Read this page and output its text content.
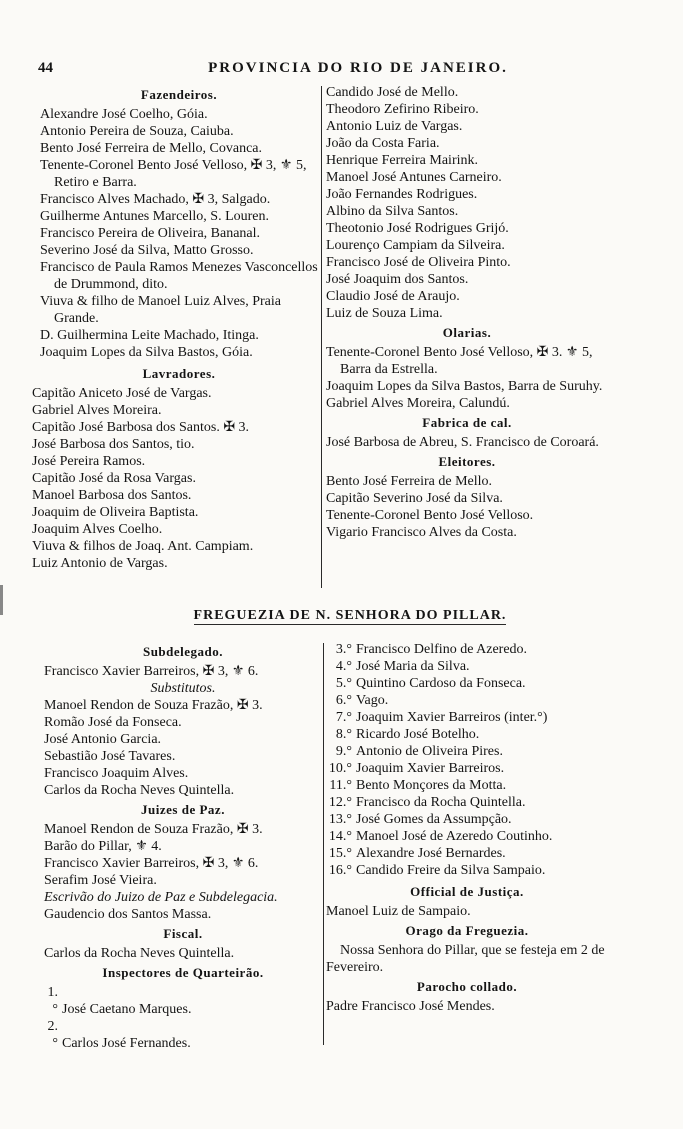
44	PROVINCIA DO RIO DE JANEIRO.
Fazendeiros.
Alexandre José Coelho, Góia.
Antonio Pereira de Souza, Caiuba.
Bento José Ferreira de Mello, Covanca.
Tenente-Coronel Bento José Velloso, ✠ 3, ⚜ 5, Retiro e Barra.
Francisco Alves Machado, ✠ 3, Salgado.
Guilherme Antunes Marcello, S. Louren.
Francisco Pereira de Oliveira, Bananal.
Severino José da Silva, Matto Grosso.
Francisco de Paula Ramos Menezes Vasconcellos de Drummond, dito.
Viuva & filho de Manoel Luiz Alves, Praia Grande.
D. Guilhermina Leite Machado, Itinga.
Joaquim Lopes da Silva Bastos, Góia.
Lavradores.
Capitão Aniceto José de Vargas.
Gabriel Alves Moreira.
Capitão José Barbosa dos Santos. ✠ 3.
José Barbosa dos Santos, tio.
José Pereira Ramos.
Capitão José da Rosa Vargas.
Manoel Barbosa dos Santos.
Joaquim de Oliveira Baptista.
Joaquim Alves Coelho.
Viuva & filhos de Joaq. Ant. Campiam.
Luiz Antonio de Vargas.
Candido José de Mello.
Theodoro Zefirino Ribeiro.
Antonio Luiz de Vargas.
João da Costa Faria.
Henrique Ferreira Mairink.
Manoel José Antunes Carneiro.
João Fernandes Rodrigues.
Albino da Silva Santos.
Theotonio José Rodrigues Grijó.
Lourenço Campiam da Silveira.
Francisco José de Oliveira Pinto.
José Joaquim dos Santos.
Claudio José de Araujo.
Luiz de Souza Lima.
Olarias.
Tenente-Coronel Bento José Velloso, ✠ 3. ⚜ 5, Barra da Estrella.
Joaquim Lopes da Silva Bastos, Barra de Suruhy.
Gabriel Alves Moreira, Calundú.
Fabrica de cal.
José Barbosa de Abreu, S. Francisco de Coroará.
Eleitores.
Bento José Ferreira de Mello.
Capitão Severino José da Silva.
Tenente-Coronel Bento José Velloso.
Vigario Francisco Alves da Costa.
FREGUEZIA DE N. SENHORA DO PILLAR.
Subdelegado.
Francisco Xavier Barreiros, ✠ 3, ⚜ 6.
Substitutos.
Manoel Rendon de Souza Frazão, ✠ 3.
Romão José da Fonseca.
José Antonio Garcia.
Sebastião José Tavares.
Francisco Joaquim Alves.
Carlos da Rocha Neves Quintella.
Juizes de Paz.
Manoel Rendon de Souza Frazão, ✠ 3.
Barão do Pillar, ⚜ 4.
Francisco Xavier Barreiros, ✠ 3, ⚜ 6.
Serafim José Vieira.
Escrivão do Juizo de Paz e Subdelegacia.
Gaudencio dos Santos Massa.
Fiscal.
Carlos da Rocha Neves Quintella.
Inspectores de Quarteirão.
1.° José Caetano Marques.
2.° Carlos José Fernandes.
3.° Francisco Delfino de Azeredo.
4.° José Maria da Silva.
5.° Quintino Cardoso da Fonseca.
6.° Vago.
7.° Joaquim Xavier Barreiros (inter.°)
8.° Ricardo José Botelho.
9.° Antonio de Oliveira Pires.
10.° Joaquim Xavier Barreiros.
11.° Bento Monçores da Motta.
12.° Francisco da Rocha Quintella.
13.° José Gomes da Assumpção.
14.° Manoel José de Azeredo Coutinho.
15.° Alexandre José Bernardes.
16.° Candido Freire da Silva Sampaio.
Official de Justiça.
Manoel Luiz de Sampaio.
Orago da Freguezia.
Nossa Senhora do Pillar, que se festeja em 2 de Fevereiro.
Parocho collado.
Padre Francisco José Mendes.
